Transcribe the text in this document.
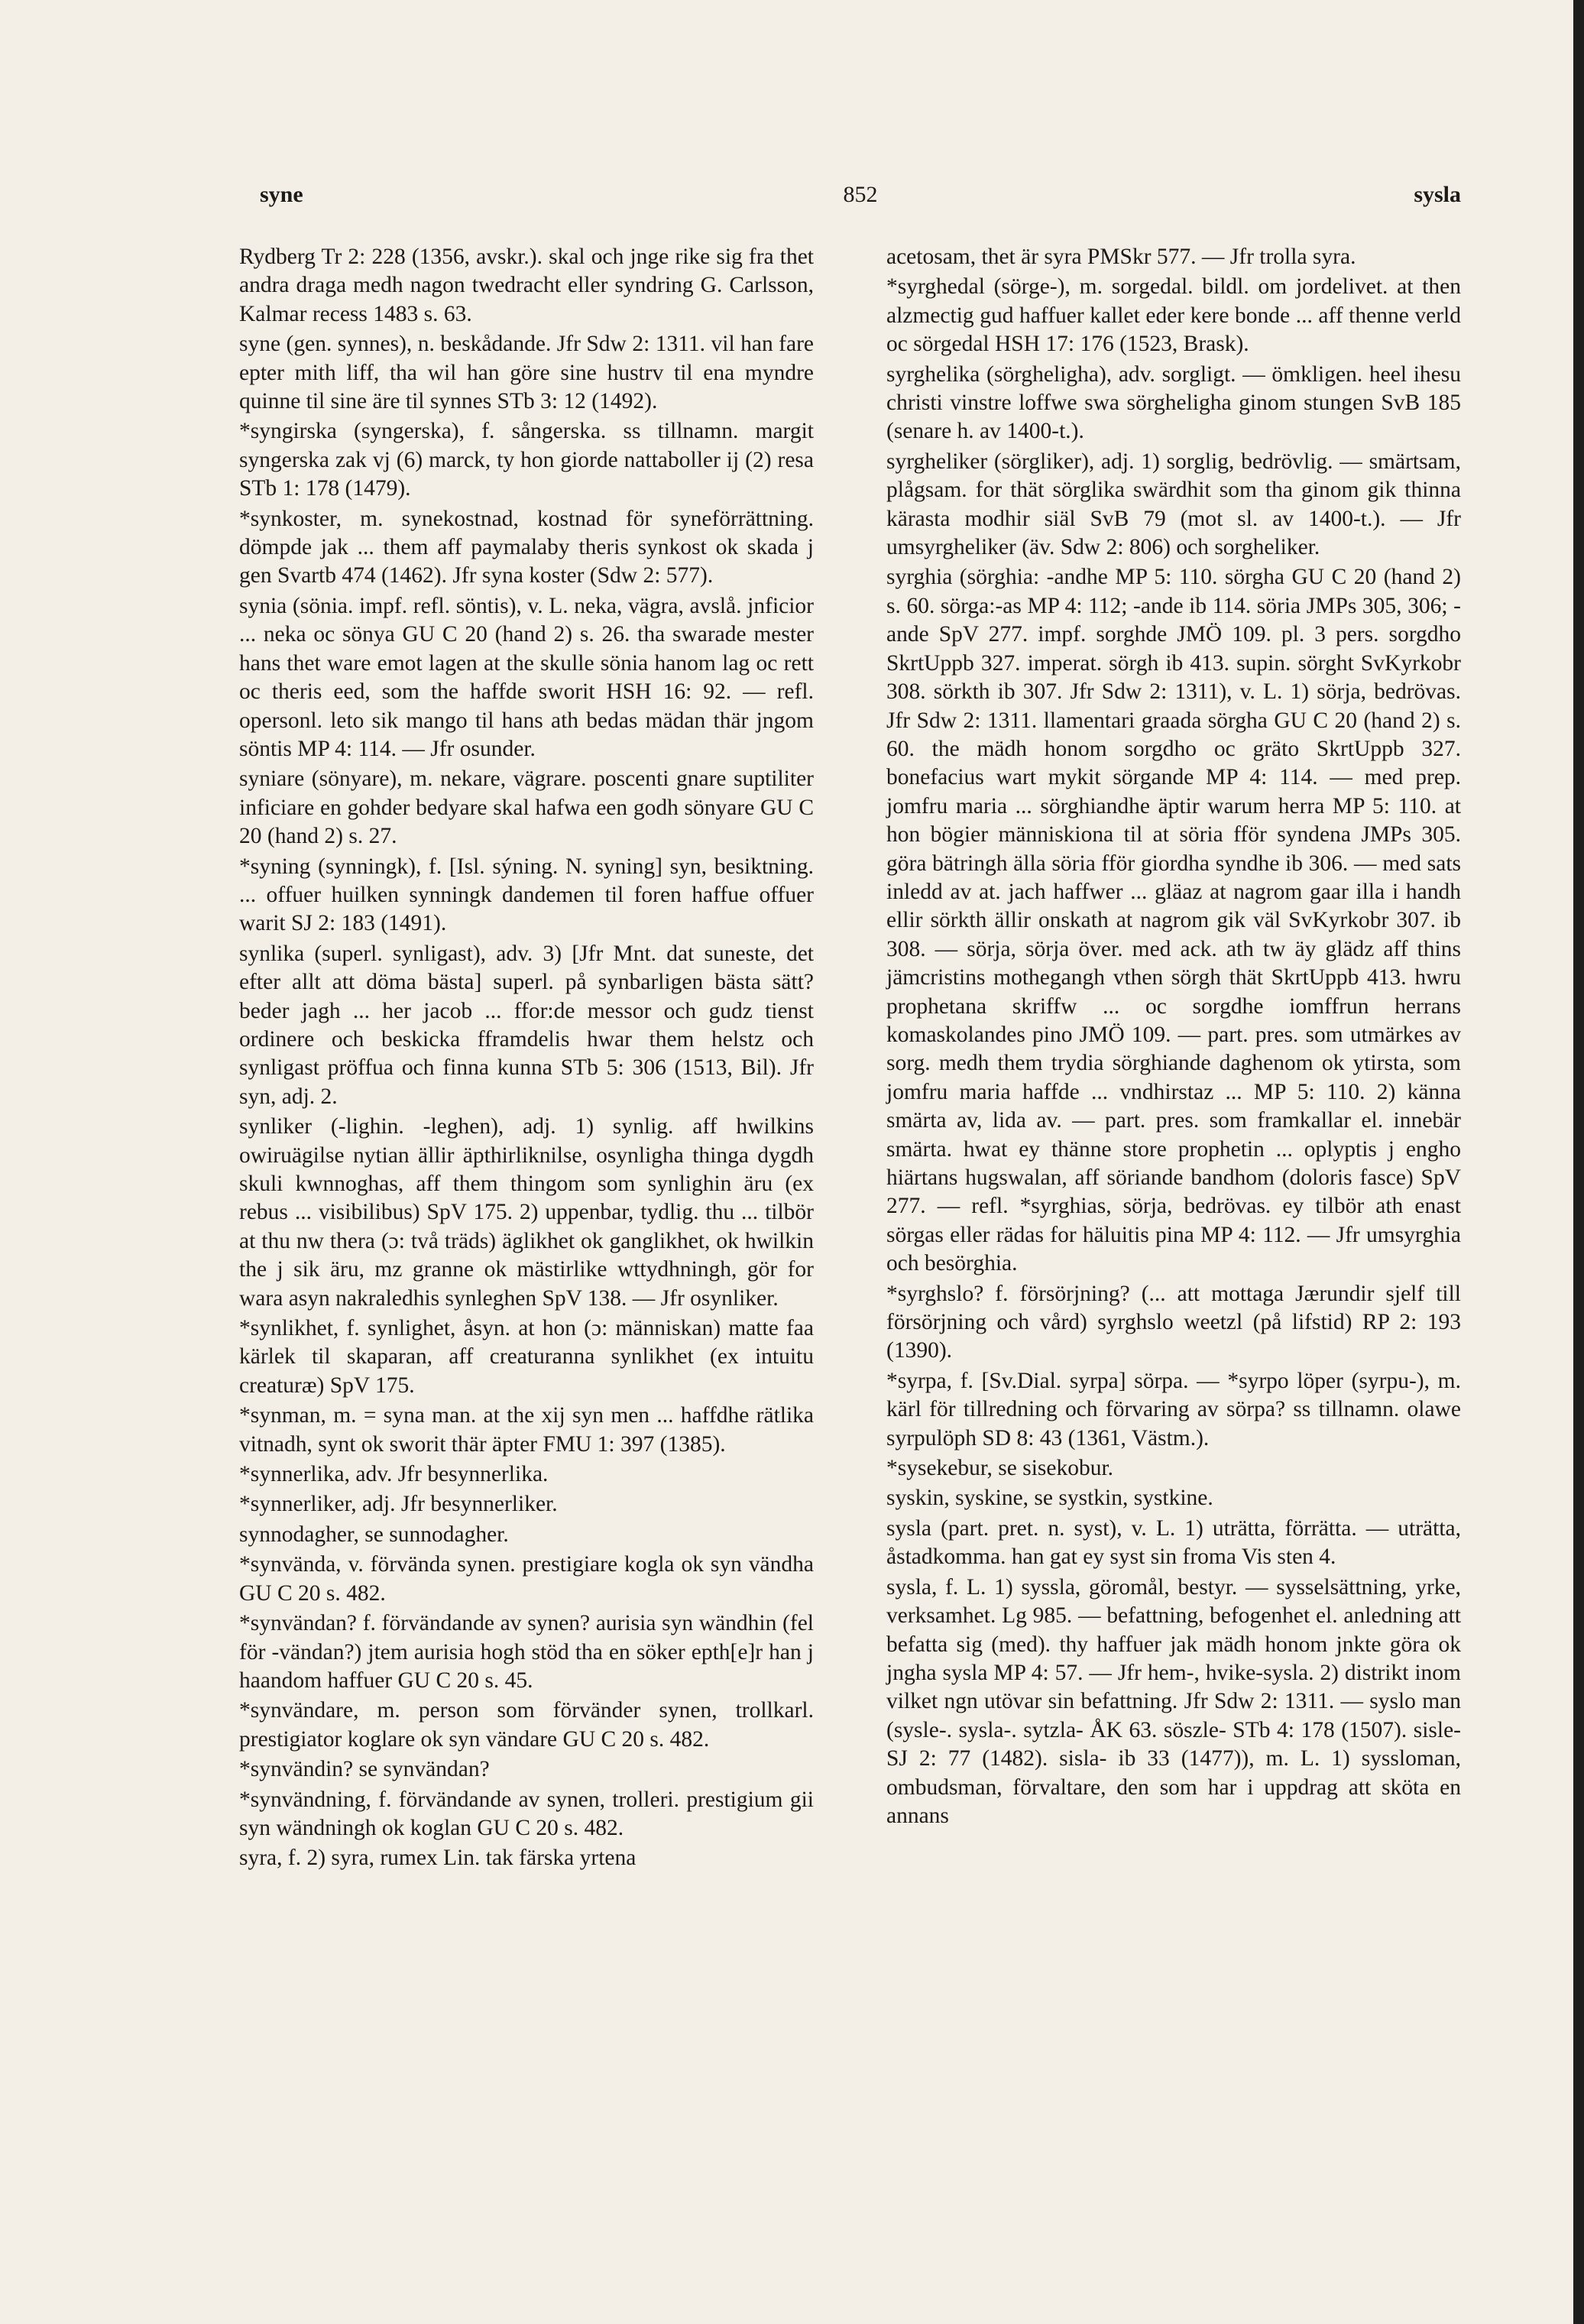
852
syne	sysla

Rydberg Tr 2: 228 (1356, avskr.). skal och jnge rike sig fra thet andra draga medh nagon twedracht eller syndring G. Carlsson, Kalmar recess 1483 s. 63.

syne (gen. synnes), n. beskådande. Jfr Sdw 2: 1311. vil han fare epter mith liff, tha wil han göre sine hustrv til ena myndre quinne til sine äre til synnes STb 3: 12 (1492).

*syngirska (syngerska), f. sångerska. ss tillnamn. margit syngerska zak vj (6) marck, ty hon giorde nattaboller ij (2) resa STb 1: 178 (1479).

*synkoster, m. synekostnad, kostnad för syneförrättning. dömpde jak ... them aff paymalaby theris synkost ok skada j gen Svartb 474 (1462). Jfr syna koster (Sdw 2: 577).

synia (sönia. impf. refl. söntis), v. L. neka, vägra, avslå. jnficior ... neka oc sönya GU C 20 (hand 2) s. 26. tha swarade mester hans thet ware emot lagen at the skulle sönia hanom lag oc rett oc theris eed, som the haffde sworit HSH 16: 92. — refl. opersonl. leto sik mango til hans ath bedas mädan thär jngom söntis MP 4: 114. — Jfr osunder.

syniare (sönyare), m. nekare, vägrare. poscenti gnare suptiliter inficiare en gohder bedyare skal hafwa een godh sönyare GU C 20 (hand 2) s. 27.

*syning (synningk), f. [Isl. sýning. N. syning] syn, besiktning. ... offuer huilken synningk dandemen til foren haffue offuer warit SJ 2: 183 (1491).

synlika (superl. synligast), adv. 3) [Jfr Mnt. dat suneste, det efter allt att döma bästa] superl. på synbarligen bästa sätt? beder jagh ... her jacob ... ffor:de messor och gudz tienst ordinere och beskicka fframdelis hwar them helstz och synligast pröffua och finna kunna STb 5: 306 (1513, Bil). Jfr syn, adj. 2.

synliker (-lighin. -leghen), adj. 1) synlig. aff hwilkins owiruägilse nytian ällir äpthirliknilse, osynligha thinga dygdh skuli kwnnoghas, aff them thingom som synlighin äru (ex rebus ... visibilibus) SpV 175. 2) uppenbar, tydlig. thu ... tilbör at thu nw thera (ɔ: två träds) äglikhet ok ganglikhet, ok hwilkin the j sik äru, mz granne ok mästirlike wttydhningh, gör for wara asyn nakraledhis synleghen SpV 138. — Jfr osynliker.

*synlikhet, f. synlighet, åsyn. at hon (ɔ: människan) matte faa kärlek til skaparan, aff creaturanna synlikhet (ex intuitu creaturæ) SpV 175.

*synman, m. = syna man. at the xij syn men ... haffdhe rätlika vitnadh, synt ok sworit thär äpter FMU 1: 397 (1385).

*synnerlika, adv. Jfr besynnerlika.

*synnerliker, adj. Jfr besynnerliker.

synnodagher, se sunnodagher.

*synvända, v. förvända synen. prestigiare kogla ok syn vändha GU C 20 s. 482.

*synvändan? f. förvändande av synen? aurisia syn wändhin (fel för -vändan?) jtem aurisia hogh stöd tha en söker epth[e]r han j haandom haffuer GU C 20 s. 45.

*synvändare, m. person som förvänder synen, trollkarl. prestigiator koglare ok syn vändare GU C 20 s. 482.

*synvändin? se synvändan?

*synvändning, f. förvändande av synen, trolleri. prestigium gii syn wändningh ok koglan GU C 20 s. 482.

syra, f. 2) syra, rumex Lin. tak färska yrtena

acetosam, thet är syra PMSkr 577. — Jfr trolla syra.

*syrghedal (sörge-), m. sorgedal. bildl. om jordelivet. at then alzmectig gud haffuer kallet eder kere bonde ... aff thenne verld oc sörgedal HSH 17: 176 (1523, Brask).

syrghelika (sörgheligha), adv. sorgligt. — ömkligen. heel ihesu christi vinstre loffwe swa sörgheligha ginom stungen SvB 185 (senare h. av 1400-t.).

syrgheliker (sörgliker), adj. 1) sorglig, bedrövlig. — smärtsam, plågsam. for thät sörglika swärdhit som tha ginom gik thinna kärasta modhir siäl SvB 79 (mot sl. av 1400-t.). — Jfr umsyrgheliker (äv. Sdw 2: 806) och sorgheliker.

syrghia (sörghia: -andhe MP 5: 110. sörgha GU C 20 (hand 2) s. 60. sörga:-as MP 4: 112; -ande ib 114. söria JMPs 305, 306; -ande SpV 277. impf. sorghde JMÖ 109. pl. 3 pers. sorgdho SkrtUppb 327. imperat. sörgh ib 413. supin. sörght SvKyrkobr 308. sörkth ib 307. Jfr Sdw 2: 1311), v. L. 1) sörja, bedrövas. Jfr Sdw 2: 1311. llamentari graada sörgha GU C 20 (hand 2) s. 60. the mädh honom sorgdho oc gräto SkrtUppb 327. bonefacius wart mykit sörgande MP 4: 114. — med prep. jomfru maria ... sörghiandhe äptir warum herra MP 5: 110. at hon bögier människiona til at söria fför syndena JMPs 305. göra bätringh älla söria fför giordha syndhe ib 306. — med sats inledd av at. jach haffwer ... gläaz at nagrom gaar illa i handh ellir sörkth ällir onskath at nagrom gik väl SvKyrkobr 307. ib 308. — sörja, sörja över. med ack. ath tw äy glädz aff thins jämcristins mothegangh vthen sörgh thät SkrtUppb 413. hwru prophetana skriffw ... oc sorgdhe iomffrun herrans komaskolandes pino JMÖ 109. — part. pres. som utmärkes av sorg. medh them trydia sörghiande daghenom ok ytirsta, som jomfru maria haffde ... vndhirstaz ... MP 5: 110. 2) känna smärta av, lida av. — part. pres. som framkallar el. innebär smärta. hwat ey thänne store prophetin ... oplyptis j engho hiärtans hugswalan, aff söriande bandhom (doloris fasce) SpV 277. — refl. *syrghias, sörja, bedrövas. ey tilbör ath enast sörgas eller rädas for häluitis pina MP 4: 112. — Jfr umsyrghia och besörghia.

*syrghslo? f. försörjning? (... att mottaga Jærundir sjelf till försörjning och vård) syrghslo weetzl (på lifstid) RP 2: 193 (1390).

*syrpa, f. [Sv.Dial. syrpa] sörpa. — *syrpo löper (syrpu-), m. kärl för tillredning och förvaring av sörpa? ss tillnamn. olawe syrpulöph SD 8: 43 (1361, Västm.).

*sysekebur, se sisekobur.

syskin, syskine, se systkin, systkine.

sysla (part. pret. n. syst), v. L. 1) uträtta, förrätta. — uträtta, åstadkomma. han gat ey syst sin froma Vis sten 4.

sysla, f. L. 1) syssla, göromål, bestyr. — sysselsättning, yrke, verksamhet. Lg 985. — befattning, befogenhet el. anledning att befatta sig (med). thy haffuer jak mädh honom jnkte göra ok jngha sysla MP 4: 57. — Jfr hem-, hvike-sysla. 2) distrikt inom vilket ngn utövar sin befattning. Jfr Sdw 2: 1311. — syslo man (sysle-. sysla-. sytzla- ÅK 63. söszle- STb 4: 178 (1507). sisle- SJ 2: 77 (1482). sisla- ib 33 (1477)), m. L. 1) syssloman, ombudsman, förvaltare, den som har i uppdrag att sköta en annans
